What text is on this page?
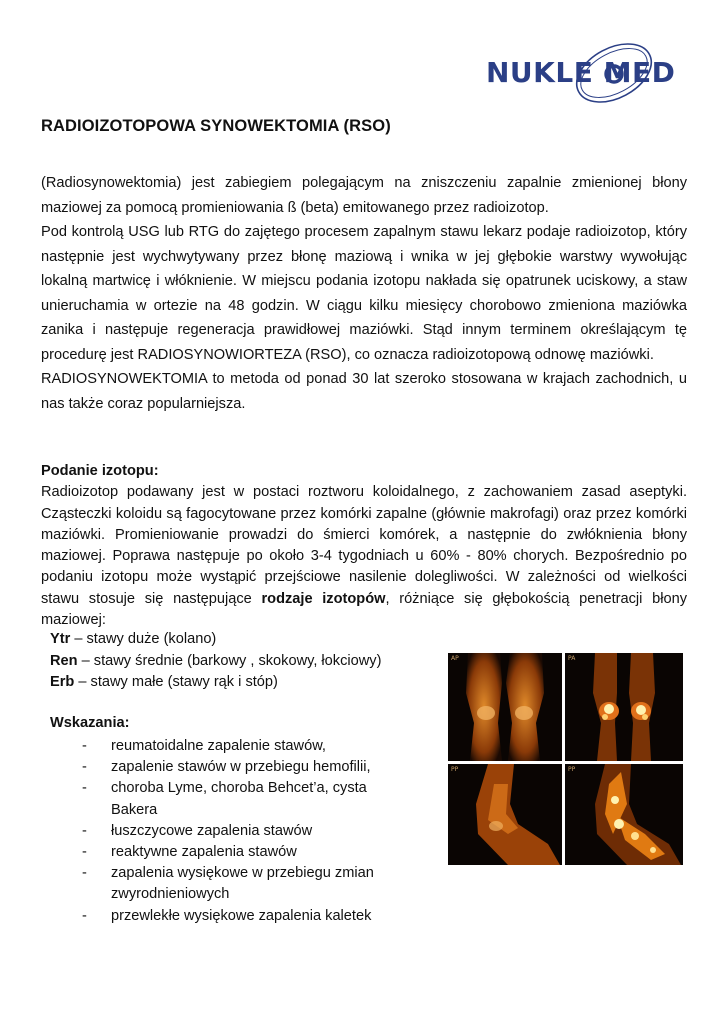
NUKLE MED
RADIOIZOTOPOWA SYNOWEKTOMIA (RSO)

(Radiosynowektomia) jest zabiegiem polegającym na zniszczeniu zapalnie zmienionej błony maziowej za pomocą promieniowania ß (beta) emitowanego przez radioizotop.

Pod kontrolą USG lub RTG do zajętego procesem zapalnym stawu lekarz podaje radioizotop, który następnie jest wychwytywany przez błonę maziową i wnika w jej głębokie warstwy wywołując lokalną martwicę i włóknienie. W miejscu podania izotopu nakłada się opatrunek uciskowy, a staw unieruchamia w ortezie na 48 godzin. W ciągu kilku miesięcy chorobowo zmieniona maziówka zanika i następuje regeneracja prawidłowej maziówki. Stąd innym terminem określającym tę procedurę jest RADIOSYNOWIORTEZA (RSO), co oznacza radioizotopową odnowę maziówki.

RADIOSYNOWEKTOMIA to metoda od ponad 30 lat szeroko stosowana w krajach zachodnich, u nas także coraz popularniejsza.

Podanie izotopu:

Radioizotop podawany jest w postaci roztworu koloidalnego, z zachowaniem zasad aseptyki. Cząsteczki koloidu są fagocytowane przez komórki zapalne (głównie makrofagi) oraz przez komórki maziówki. Promieniowanie prowadzi do śmierci komórek, a następnie do zwłóknienia błony maziowej. Poprawa następuje po około 3-4 tygodniach u 60% - 80% chorych. Bezpośrednio po podaniu izotopu może wystąpić przejściowe nasilenie dolegliwości. W zależności od wielkości stawu stosuje się następujące rodzaje izotopów, różniące się głębokością penetracji błony maziowej:

Ytr – stawy duże (kolano)
Ren – stawy średnie (barkowy , skokowy, łokciowy)
Erb – stawy małe (stawy rąk i stóp)
Wskazania:
- reumatoidalne zapalenie stawów,
- zapalenie stawów w przebiegu hemofilii,
- choroba Lyme, choroba Behcet’a, cysta Bakera
- łuszczycowe zapalenia stawów
- reaktywne zapalenia stawów
- zapalenia wysiękowe w przebiegu zmian zwyrodnieniowych
- przewlekłe wysiękowe zapalenia kaletek
AP	PA
PP	PP
